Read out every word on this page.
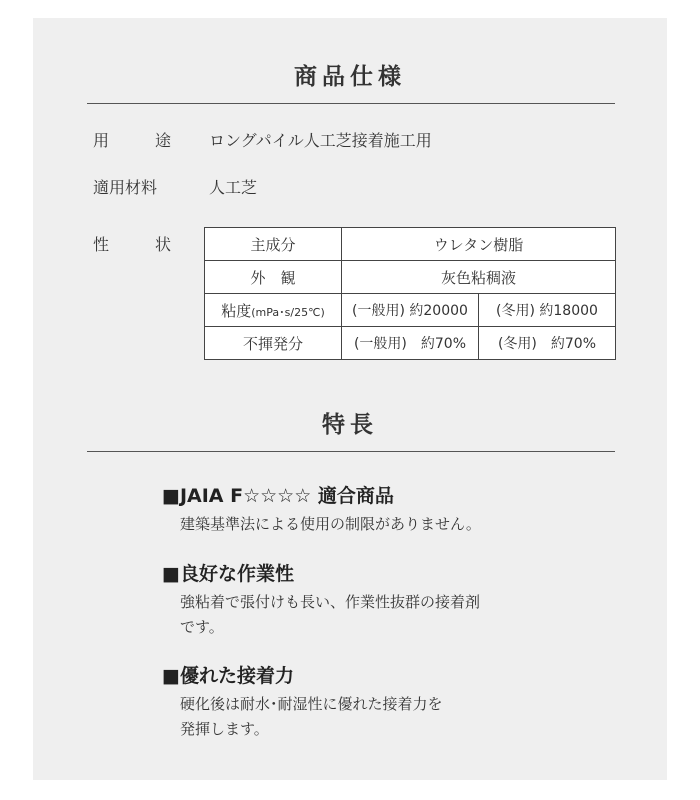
商品仕様
用	途 ロングパイル人工芝接着施工用
適用材料	人工芝
性	状	主成分	ウレタン樹脂	
外　観	灰色粘稠液	
粘度(mPa･s/25℃)	(一般用) 約20000	(冬用) 約18000
不揮発分	(一般用)　約70%	(冬用)　約70%
特長
■JAIA F☆☆☆☆ 適合商品
建築基準法による使用の制限がありません。
■良好な作業性
強粘着で張付けも長い、作業性抜群の接着剤
です。
■優れた接着力
硬化後は耐水･耐湿性に優れた接着力を
発揮します。
